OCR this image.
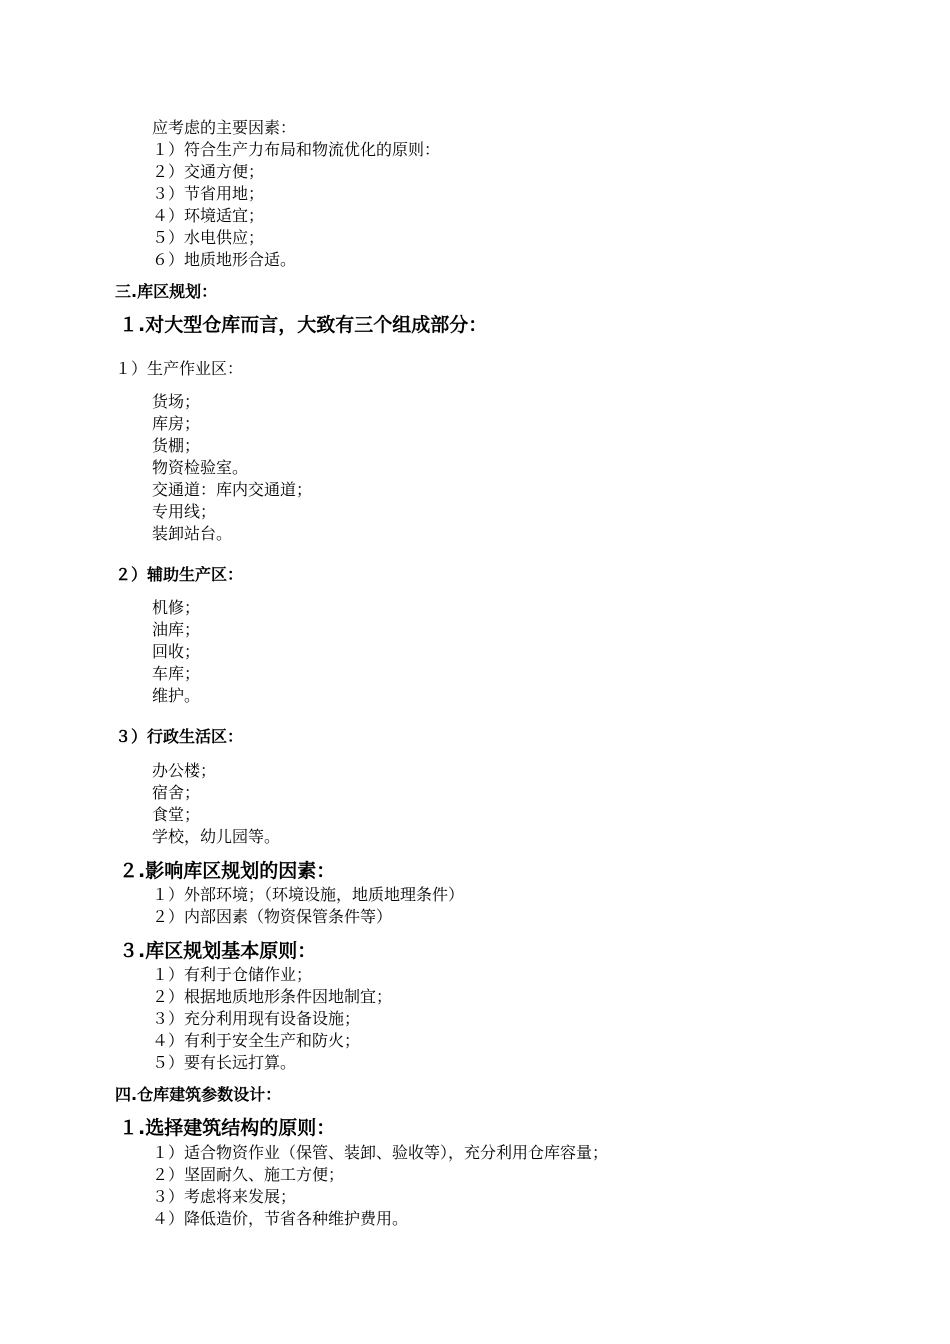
应考虑的主要因素：
１）符合生产力布局和物流优化的原则：
２）交通方便；
３）节省用地；
４）环境适宜；
５）水电供应；
６）地质地形合适。
三.库区规划：
１.对大型仓库而言，大致有三个组成部分：
１）生产作业区：
货场；
库房；
货棚；
物资检验室。
交通道：库内交通道；
专用线；
装卸站台。
２）辅助生产区：
机修；
油库；
回收；
车库；
维护。
３）行政生活区：
办公楼；
宿舍；
食堂；
学校，幼儿园等。
２.影响库区规划的因素：
１）外部环境；（环境设施，地质地理条件）
２）内部因素（物资保管条件等）
３.库区规划基本原则：
１）有利于仓储作业；
２）根据地质地形条件因地制宜；
３）充分利用现有设备设施；
４）有利于安全生产和防火；
５）要有长远打算。
四.仓库建筑参数设计：
１.选择建筑结构的原则：
１）适合物资作业（保管、装卸、验收等），充分利用仓库容量；
２）坚固耐久、施工方便；
３）考虑将来发展；
４）降低造价，节省各种维护费用。
